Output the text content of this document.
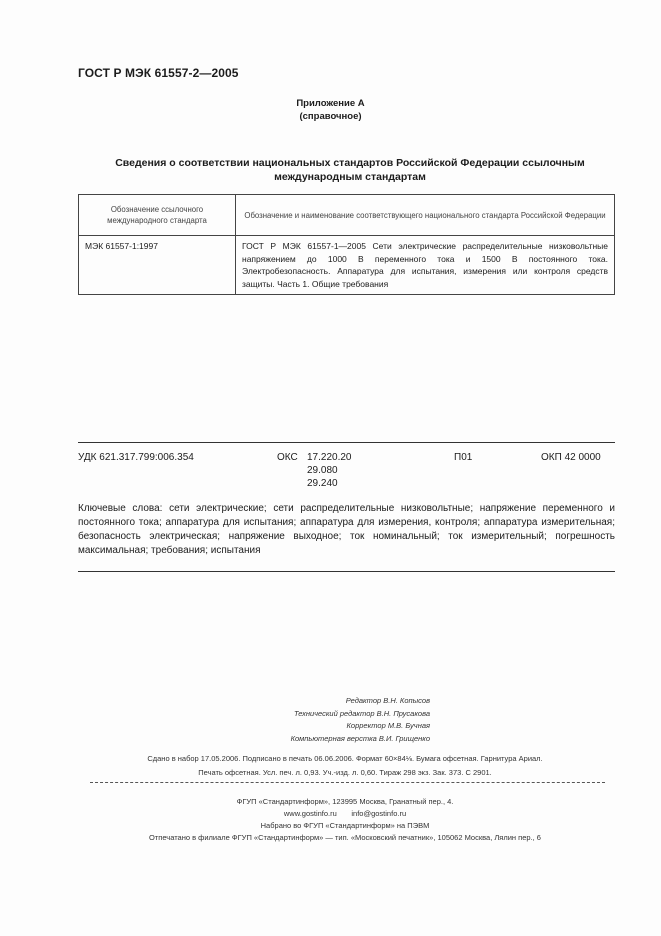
ГОСТ Р МЭК 61557-2—2005
Приложение А
(справочное)
Сведения о соответствии национальных стандартов Российской Федерации ссылочным международным стандартам
Обозначение ссылочного международного стандарта	Обозначение и наименование соответствующего национального стандарта Российской Федерации
МЭК 61557-1:1997	ГОСТ Р МЭК 61557-1—2005 Сети электрические распределительные низковольтные напряжением до 1000 В переменного тока и 1500 В постоянного тока. Электробезопасность. Аппаратура для испытания, измерения или контроля средств защиты. Часть 1. Общие требования
УДК 621.317.799:006.354	ОКС 17.220.20
29.080
29.240
П01	ОКП 42 0000
Ключевые слова: сети электрические; сети распределительные низковольтные; напряжение переменного и постоянного тока; аппаратура для испытания; аппаратура для измерения, контроля; аппаратура измерительная; безопасность электрическая; напряжение выходное; ток номинальный; ток измерительный; погрешность максимальная; требования; испытания
Редактор В.Н. Копысов
Технический редактор В.Н. Прусакова
Корректор М.В. Бучная
Компьютерная верстка В.И. Грищенко
Сдано в набор 17.05.2006. Подписано в печать 06.06.2006. Формат 60×84⅛. Бумага офсетная. Гарнитура Ариал.
Печать офсетная. Усл. печ. л. 0,93. Уч.-изд. л. 0,60. Тираж 298 экз. Зак. 373. С 2901.
ФГУП «Стандартинформ», 123995 Москва, Гранатный пер., 4.
www.gostinfo.ru       info@gostinfo.ru
Набрано во ФГУП «Стандартинформ» на ПЭВМ
Отпечатано в филиале ФГУП «Стандартинформ» — тип. «Московский печатник», 105062 Москва, Лялин пер., 6
